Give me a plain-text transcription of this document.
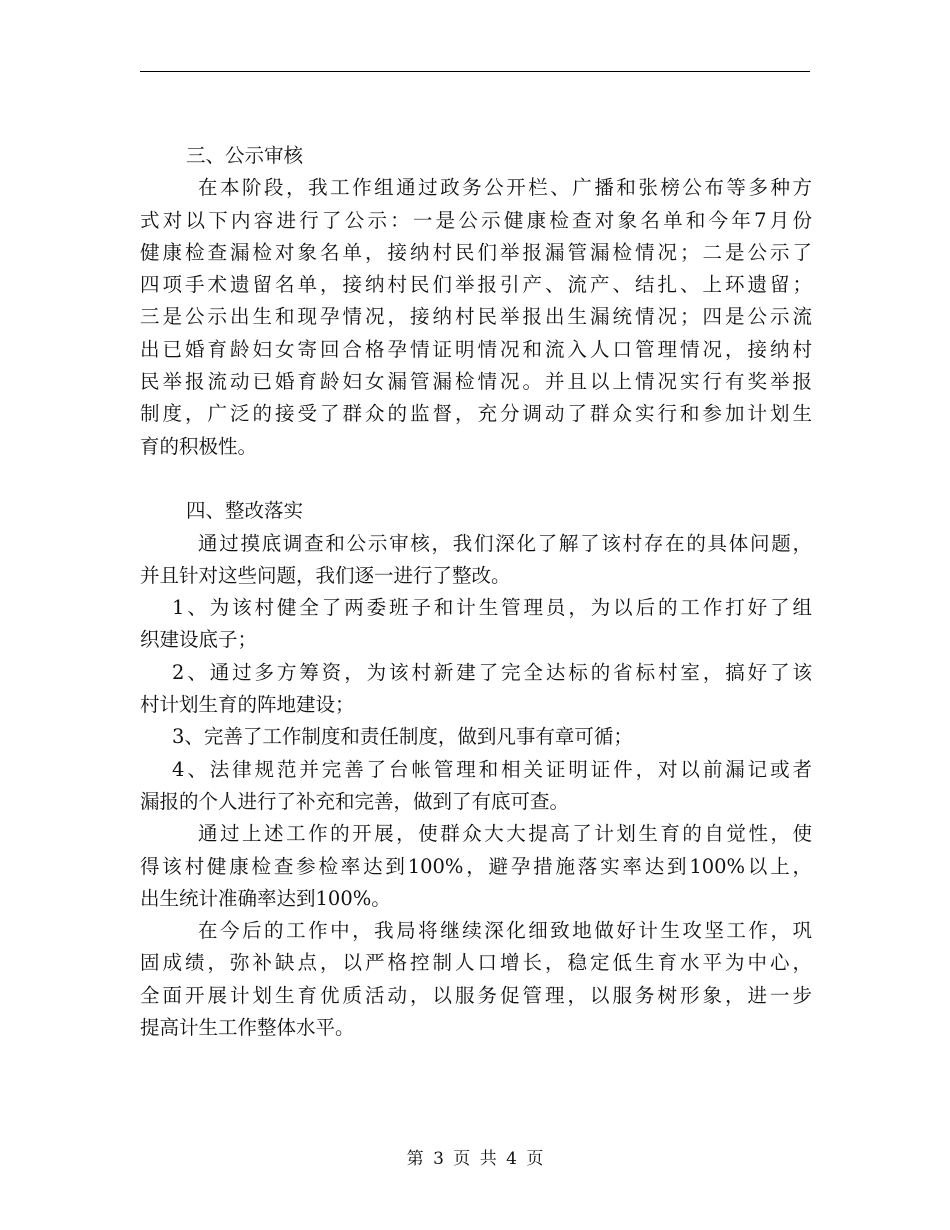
三、公示审核
在本阶段，我工作组通过政务公开栏、广播和张榜公布等多种方
式对以下内容进行了公示：一是公示健康检查对象名单和今年7月份
健康检查漏检对象名单，接纳村民们举报漏管漏检情况；二是公示了
四项手术遗留名单，接纳村民们举报引产、流产、结扎、上环遗留；
三是公示出生和现孕情况，接纳村民举报出生漏统情况；四是公示流
出已婚育龄妇女寄回合格孕情证明情况和流入人口管理情况，接纳村
民举报流动已婚育龄妇女漏管漏检情况。并且以上情况实行有奖举报
制度，广泛的接受了群众的监督，充分调动了群众实行和参加计划生
育的积极性。
四、整改落实
通过摸底调查和公示审核，我们深化了解了该村存在的具体问题，
并且针对这些问题，我们逐一进行了整改。
1、为该村健全了两委班子和计生管理员，为以后的工作打好了组
织建设底子；
2、通过多方筹资，为该村新建了完全达标的省标村室，搞好了该
村计划生育的阵地建设；
3、完善了工作制度和责任制度，做到凡事有章可循；
4、法律规范并完善了台帐管理和相关证明证件，对以前漏记或者
漏报的个人进行了补充和完善，做到了有底可查。
通过上述工作的开展，使群众大大提高了计划生育的自觉性，使
得该村健康检查参检率达到100%，避孕措施落实率达到100%以上，
出生统计准确率达到100%。
在今后的工作中，我局将继续深化细致地做好计生攻坚工作，巩
固成绩，弥补缺点，以严格控制人口增长，稳定低生育水平为中心，
全面开展计划生育优质活动，以服务促管理，以服务树形象，进一步
提高计生工作整体水平。
第 3 页 共 4 页
